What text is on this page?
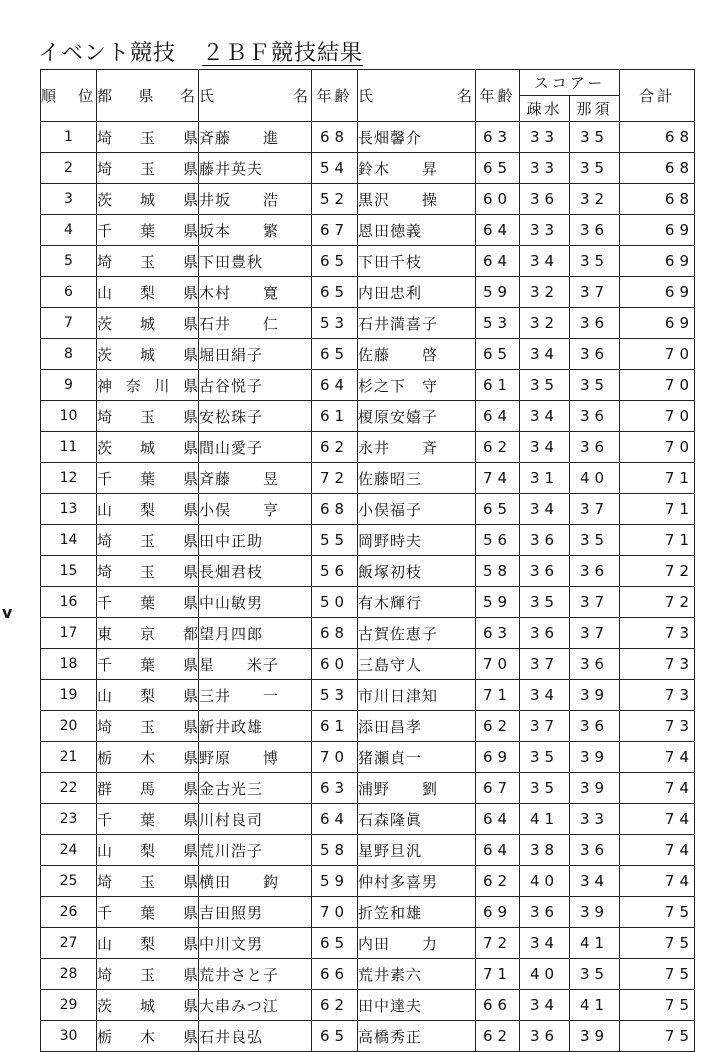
イベント競技 ２ＢＦ競技結果
v
順位	都県名	氏　　名	年齢	氏　　名	年齢	スコアー		合計
						疎水	那須	
1	埼玉県	斉藤　　進	68	長畑馨介	63	33	35	68
2	埼玉県	藤井英夫	54	鈴木　　昇	65	33	35	68
3	茨城県	井坂　　浩	52	黒沢　　操	60	36	32	68
4	千葉県	坂本　　繁	67	恩田徳義	64	33	36	69
5	埼玉県	下田豊秋	65	下田千枝	64	34	35	69
6	山梨県	木村　　寛	65	内田忠利	59	32	37	69
7	茨城県	石井　　仁	53	石井満喜子	53	32	36	69
8	茨城県	堀田絹子	65	佐藤　　啓	65	34	36	70
9	神奈川県	古谷悦子	64	杉之下　守	61	35	35	70
10	埼玉県	安松珠子	61	榎原安嬉子	64	34	36	70
11	茨城県	間山愛子	62	永井　　斉	62	34	36	70
12	千葉県	斉藤　　昱	72	佐藤昭三	74	31	40	71
13	山梨県	小俣　　亨	68	小俣福子	65	34	37	71
14	埼玉県	田中正助	55	岡野時夫	56	36	35	71
15	埼玉県	長畑君枝	56	飯塚初枝	58	36	36	72
16	千葉県	中山敏男	50	有木輝行	59	35	37	72
17	東京都	望月四郎	68	古賀佐恵子	63	36	37	73
18	千葉県	星　　米子	60	三島守人	70	37	36	73
19	山梨県	三井　　一	53	市川日津知	71	34	39	73
20	埼玉県	新井政雄	61	添田昌孝	62	37	36	73
21	栃木県	野原　　博	70	猪瀬貞一	69	35	39	74
22	群馬県	金古光三	63	浦野　　劉	67	35	39	74
23	千葉県	川村良司	64	石森隆眞	64	41	33	74
24	山梨県	荒川浩子	58	星野旦汎	64	38	36	74
25	埼玉県	横田　　鈎	59	仲村多喜男	62	40	34	74
26	千葉県	吉田照男	70	折笠和雄	69	36	39	75
27	山梨県	中川文男	65	内田　　力	72	34	41	75
28	埼玉県	荒井さと子	66	荒井素六	71	40	35	75
29	茨城県	大串みつ江	62	田中達夫	66	34	41	75
30	栃木県	石井良弘	65	高橋秀正	62	36	39	75
